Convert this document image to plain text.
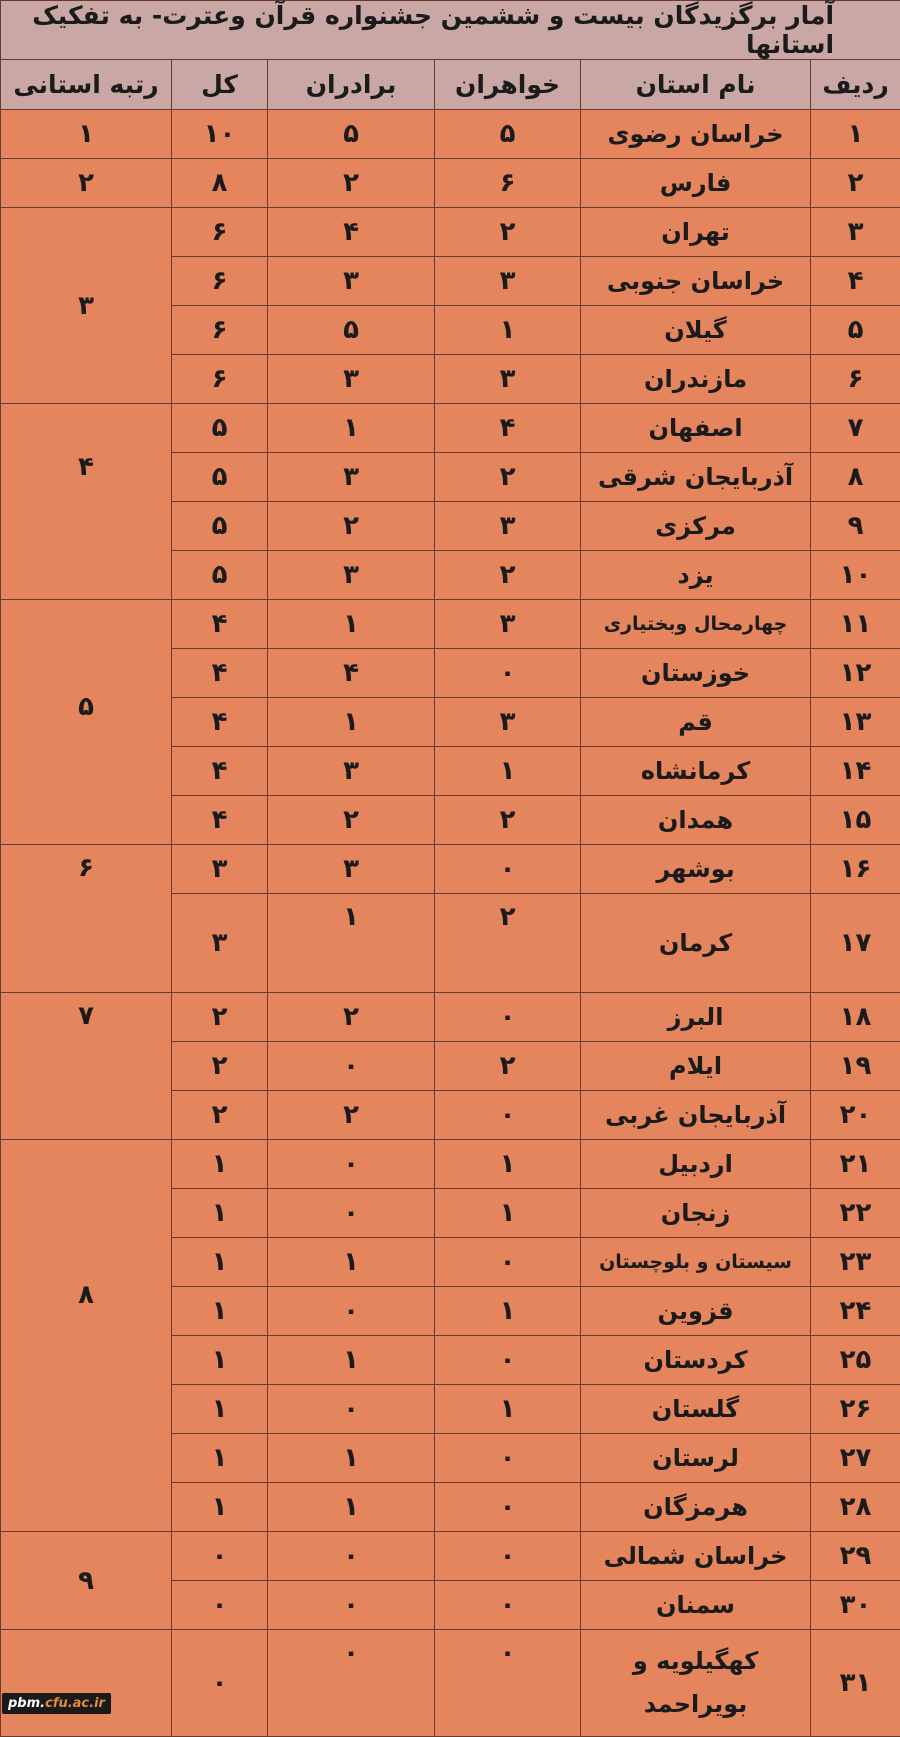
آمار برگزیدگان بیست و ششمین جشنواره قرآن وعترت- به تفکیک استانها					
ردیف	نام استان	خواهران	برادران	کل	رتبه استانی
۱	خراسان رضوی	۵	۵	۱۰	۱
۲	فارس	۶	۲	۸	۲
۳	تهران	۲	۴	۶	۳
۴	خراسان جنوبی	۳	۳	۶	
۵	گیلان	۱	۵	۶	
۶	مازندران	۳	۳	۶	
۷	اصفهان	۴	۱	۵	۴
۸	آذربایجان شرقی	۲	۳	۵	
۹	مرکزی	۳	۲	۵	
۱۰	یزد	۲	۳	۵	
۱۱	چهارمحال وبختیاری	۳	۱	۴	۵
۱۲	خوزستان	۰	۴	۴	
۱۳	قم	۳	۱	۴	
۱۴	کرمانشاه	۱	۳	۴	
۱۵	همدان	۲	۲	۴	
۱۶	بوشهر	۰	۳	۳	۶
۱۷	کرمان	۲	۱	۳	
۱۸	البرز	۰	۲	۲	۷
۱۹	ایلام	۲	۰	۲	
۲۰	آذربایجان غربی	۰	۲	۲	
۲۱	اردبیل	۱	۰	۱	۸
۲۲	زنجان	۱	۰	۱	
۲۳	سیستان و بلوچستان	۰	۱	۱	
۲۴	قزوین	۱	۰	۱	
۲۵	کردستان	۰	۱	۱	
۲۶	گلستان	۱	۰	۱	
۲۷	لرستان	۰	۱	۱	
۲۸	هرمزگان	۰	۱	۱	
۲۹	خراسان شمالی	۰	۰	۰	۹
۳۰	سمنان	۰	۰	۰	
۳۱	کهگیلویه و بویراحمد	۰	۰	۰	
pbm.cfu.ac.ir
